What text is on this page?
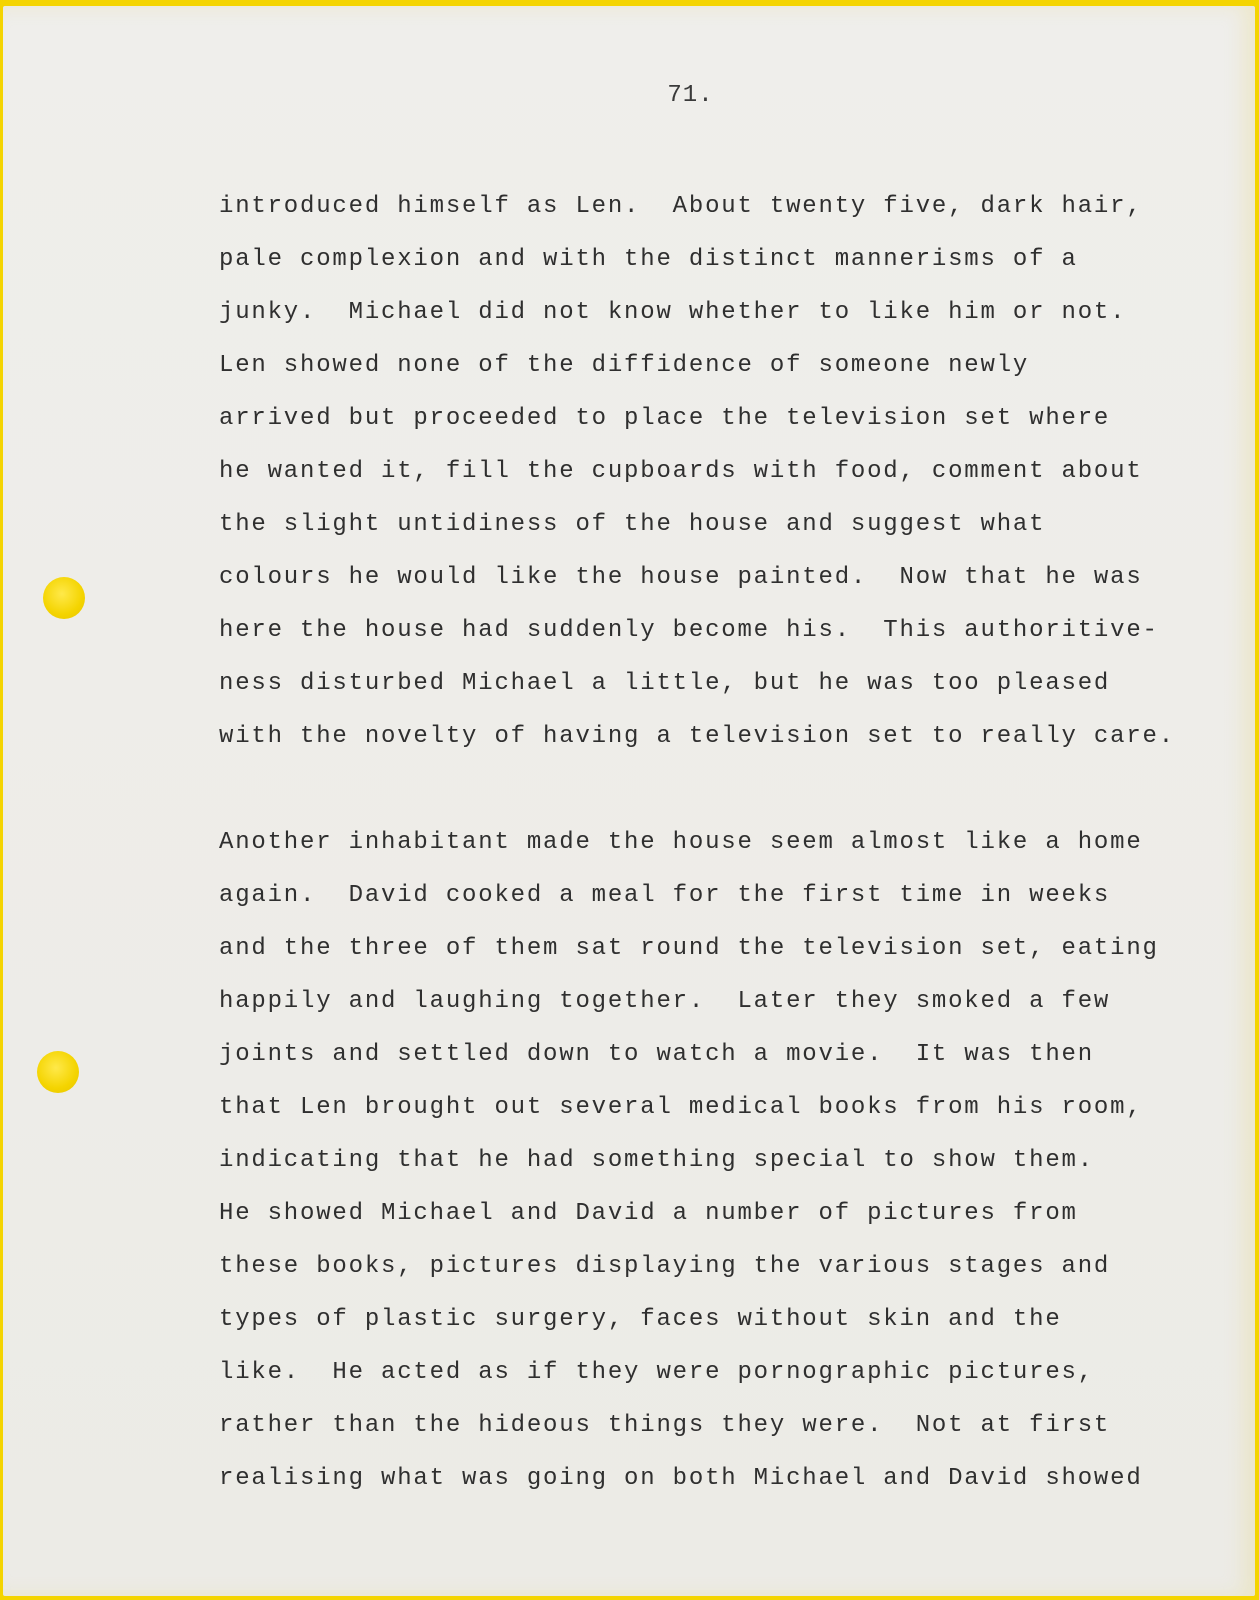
71.
introduced himself as Len.  About twenty five, dark hair,
pale complexion and with the distinct mannerisms of a
junky.  Michael did not know whether to like him or not.
Len showed none of the diffidence of someone newly
arrived but proceeded to place the television set where
he wanted it, fill the cupboards with food, comment about
the slight untidiness of the house and suggest what
colours he would like the house painted.  Now that he was
here the house had suddenly become his.  This authoritive-
ness disturbed Michael a little, but he was too pleased
with the novelty of having a television set to really care.
Another inhabitant made the house seem almost like a home
again.  David cooked a meal for the first time in weeks
and the three of them sat round the television set, eating
happily and laughing together.  Later they smoked a few
joints and settled down to watch a movie.  It was then
that Len brought out several medical books from his room,
indicating that he had something special to show them.
He showed Michael and David a number of pictures from
these books, pictures displaying the various stages and
types of plastic surgery, faces without skin and the
like.  He acted as if they were pornographic pictures,
rather than the hideous things they were.  Not at first
realising what was going on both Michael and David showed
